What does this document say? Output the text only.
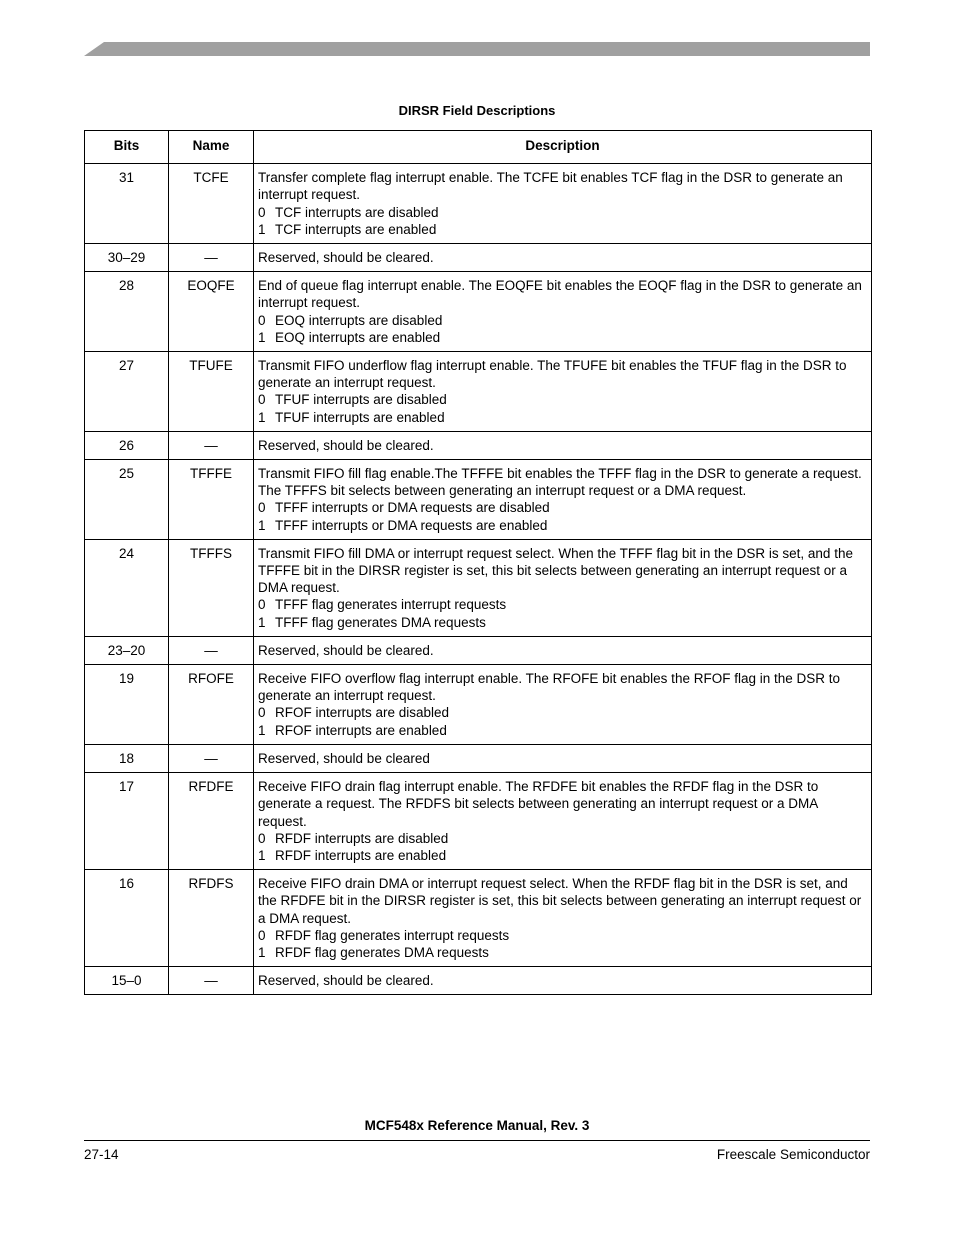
DIRSR Field Descriptions
Bits	Name	Description
31	TCFE	Transfer complete flag interrupt enable. The TCFE bit enables TCF flag in the DSR to generate an interrupt request.
0 TCF interrupts are disabled
1 TCF interrupts are enabled

30–29	—	Reserved, should be cleared.
28	EOQFE	End of queue flag interrupt enable. The EOQFE bit enables the EOQF flag in the DSR to generate an interrupt request.
0 EOQ interrupts are disabled
1 EOQ interrupts are enabled

27	TFUFE	Transmit FIFO underflow flag interrupt enable. The TFUFE bit enables the TFUF flag in the DSR to generate an interrupt request.
0 TFUF interrupts are disabled
1 TFUF interrupts are enabled

26	—	Reserved, should be cleared.
25	TFFFE	Transmit FIFO fill flag enable.The TFFFE bit enables the TFFF flag in the DSR to generate a request. The TFFFS bit selects between generating an interrupt request or a DMA request.
0 TFFF interrupts or DMA requests are disabled
1 TFFF interrupts or DMA requests are enabled

24	TFFFS	Transmit FIFO fill DMA or interrupt request select. When the TFFF flag bit in the DSR is set, and the TFFFE bit in the DIRSR register is set, this bit selects between generating an interrupt request or a DMA request.
0 TFFF flag generates interrupt requests
1 TFFF flag generates DMA requests

23–20	—	Reserved, should be cleared.
19	RFOFE	Receive FIFO overflow flag interrupt enable. The RFOFE bit enables the RFOF flag in the DSR to generate an interrupt request.
0 RFOF interrupts are disabled
1 RFOF interrupts are enabled

18	—	Reserved, should be cleared
17	RFDFE	Receive FIFO drain flag interrupt enable. The RFDFE bit enables the RFDF flag in the DSR to generate a request. The RFDFS bit selects between generating an interrupt request or a DMA request.
0 RFDF interrupts are disabled
1 RFDF interrupts are enabled

16	RFDFS	Receive FIFO drain DMA or interrupt request select. When the RFDF flag bit in the DSR is set, and the RFDFE bit in the DIRSR register is set, this bit selects between generating an interrupt request or a DMA request.
0 RFDF flag generates interrupt requests
1 RFDF flag generates DMA requests

15–0	—	Reserved, should be cleared.
MCF548x Reference Manual, Rev. 3
27-14	Freescale Semiconductor
